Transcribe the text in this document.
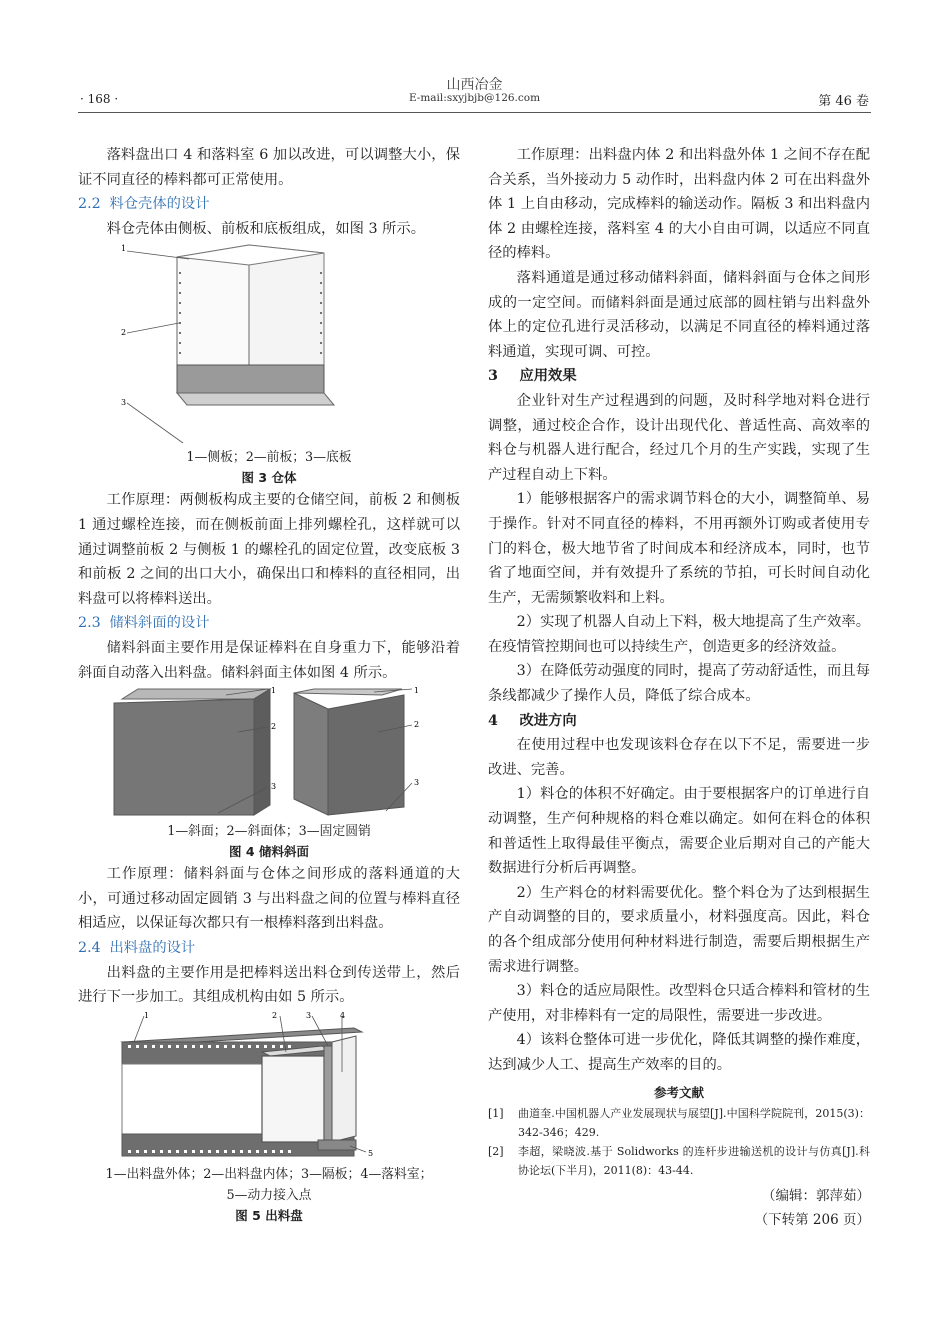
山西冶金
E-mail:sxyjbjb@126.com
· 168 ·	第 46 卷

落料盘出口 4 和落料室 6 加以改进，可以调整大小，保证不同直径的棒料都可正常使用。

2.2 料仓壳体的设计

料仓壳体由侧板、前板和底板组成，如图 3 所示。

1
2
3

1—侧板；2—前板；3—底板

图 3 仓体

工作原理：两侧板构成主要的仓储空间，前板 2 和侧板 1 通过螺栓连接，而在侧板前面上排列螺栓孔，这样就可以通过调整前板 2 与侧板 1 的螺栓孔的固定位置，改变底板 3 和前板 2 之间的出口大小，确保出口和棒料的直径相同，出料盘可以将棒料送出。

2.3 储料斜面的设计

储料斜面主要作用是保证棒料在自身重力下，能够沿着斜面自动落入出料盘。储料斜面主体如图 4 所示。

1
2
3
1
2
3

1—斜面；2—斜面体；3—固定圆销

图 4 储料斜面

工作原理：储料斜面与仓体之间形成的落料通道的大小，可通过移动固定圆销 3 与出料盘之间的位置与棒料直径相适应，以保证每次都只有一根棒料落到出料盘。

2.4 出料盘的设计

出料盘的主要作用是把棒料送出料仓到传送带上，然后进行下一步加工。其组成机构由如 5 所示。

1	2	3	4
5

1—出料盘外体；2—出料盘内体；3—隔板；4—落料室；

5—动力接入点

图 5 出料盘

工作原理：出料盘内体 2 和出料盘外体 1 之间不存在配合关系，当外接动力 5 动作时，出料盘内体 2 可在出料盘外体 1 上自由移动，完成棒料的输送动作。隔板 3 和出料盘内体 2 由螺栓连接，落料室 4 的大小自由可调，以适应不同直径的棒料。

落料通道是通过移动储料斜面，储料斜面与仓体之间形成的一定空间。而储料斜面是通过底部的圆柱销与出料盘外体上的定位孔进行灵活移动，以满足不同直径的棒料通过落料通道，实现可调、可控。

3 应用效果

企业针对生产过程遇到的问题，及时科学地对料仓进行调整，通过校企合作，设计出现代化、普适性高、高效率的料仓与机器人进行配合，经过几个月的生产实践，实现了生产过程自动上下料。

1）能够根据客户的需求调节料仓的大小，调整简单、易于操作。针对不同直径的棒料，不用再额外订购或者使用专门的料仓，极大地节省了时间成本和经济成本，同时，也节省了地面空间，并有效提升了系统的节拍，可长时间自动化生产，无需频繁收料和上料。

2）实现了机器人自动上下料，极大地提高了生产效率。在疫情管控期间也可以持续生产，创造更多的经济效益。

3）在降低劳动强度的同时，提高了劳动舒适性，而且每条线都减少了操作人员，降低了综合成本。

4 改进方向

在使用过程中也发现该料仓存在以下不足，需要进一步改进、完善。

1）料仓的体积不好确定。由于要根据客户的订单进行自动调整，生产何种规格的料仓难以确定。如何在料仓的体积和普适性上取得最佳平衡点，需要企业后期对自己的产能大数据进行分析后再调整。

2）生产料仓的材料需要优化。整个料仓为了达到根据生产自动调整的目的，要求质量小，材料强度高。因此，料仓的各个组成部分使用何种材料进行制造，需要后期根据生产需求进行调整。

3）料仓的适应局限性。改型料仓只适合棒料和管材的生产使用，对非棒料有一定的局限性，需要进一步改进。

4）该料仓整体可进一步优化，降低其调整的操作难度，达到减少人工、提高生产效率的目的。

参考文献

[1]	曲道奎.中国机器人产业发展现状与展望[J].中国科学院院刊，2015(3)：342-346；429.
[2]	李超，梁晓波.基于 Solidworks 的连杆步进输送机的设计与仿真[J].科协论坛(下半月)，2011(8)：43-44.

（编辑：郭萍茹）

（下转第 206 页）
